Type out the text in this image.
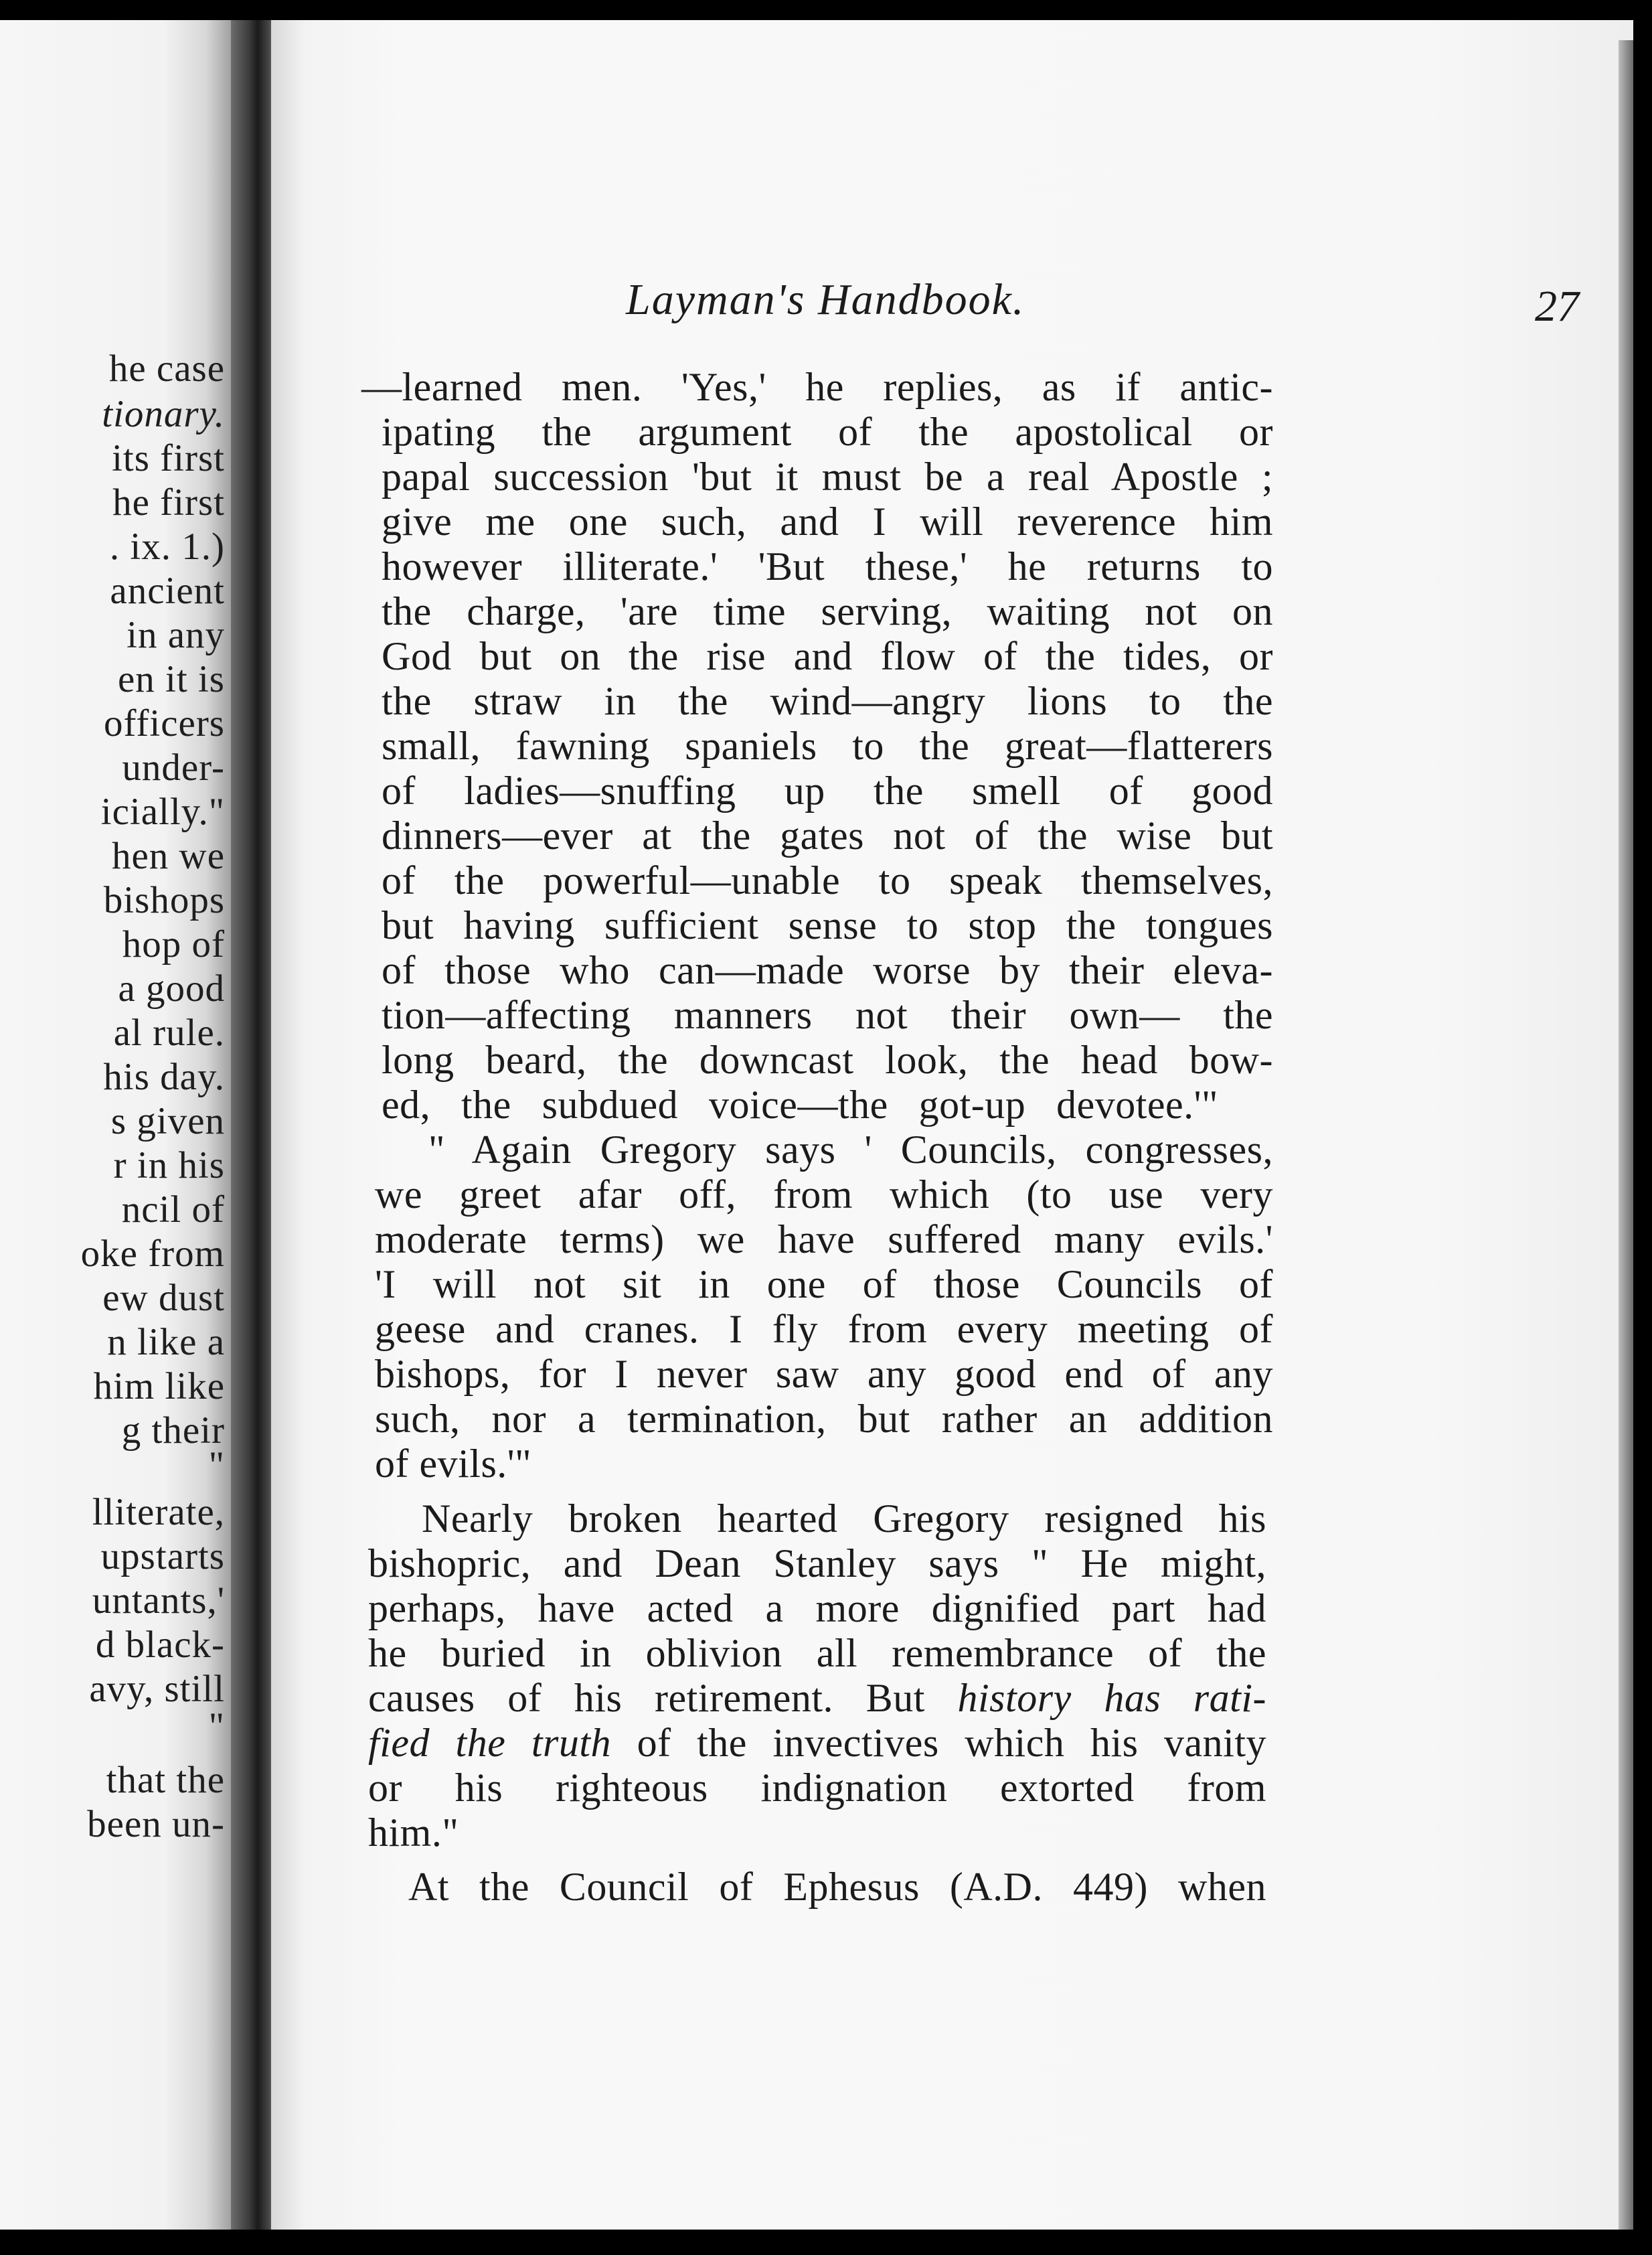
he case
tionary.
its first
he first
. ix. 1.)
ancient
in any
en it is
officers
under-
icially."
hen we
bishops
hop of
a good
al rule.
his day.
s given
r in his
ncil of
oke from
ew dust
n like a
him like
g their
"
lliterate,
upstarts
untants,'
d black-
avy, still
"
that the
been un-
Layman's Handbook.	27
—learned men. 'Yes,' he replies, as if antic-
ipating the argument of the apostolical or
papal succession 'but it must be a real Apostle ;
give me one such, and I will reverence him
however illiterate.' 'But these,' he returns to
the charge, 'are time serving, waiting not on
God but on the rise and flow of the tides, or
the straw in the wind—angry lions to the
small, fawning spaniels to the great—flatterers
of ladies—snuffing up the smell of good
dinners—ever at the gates not of the wise but
of the powerful—unable to speak themselves,
but having sufficient sense to stop the tongues
of those who can—made worse by their eleva-
tion—affecting manners not their own— the
long beard, the downcast look, the head bow-
ed, the subdued voice—the got-up devotee.'"
" Again Gregory says ' Councils, congresses,
we greet afar off, from which (to use very
moderate terms) we have suffered many evils.'
'I will not sit in one of those Councils of
geese and cranes. I fly from every meeting of
bishops, for I never saw any good end of any
such, nor a termination, but rather an addition
of evils.'"
Nearly broken hearted Gregory resigned his
bishopric, and Dean Stanley says " He might,
perhaps, have acted a more dignified part had
he buried in oblivion all remembrance of the
causes of his retirement. But history has rati-
fied the truth of the invectives which his vanity
or his righteous indignation extorted from
him."
At the Council of Ephesus (A.D. 449) when
